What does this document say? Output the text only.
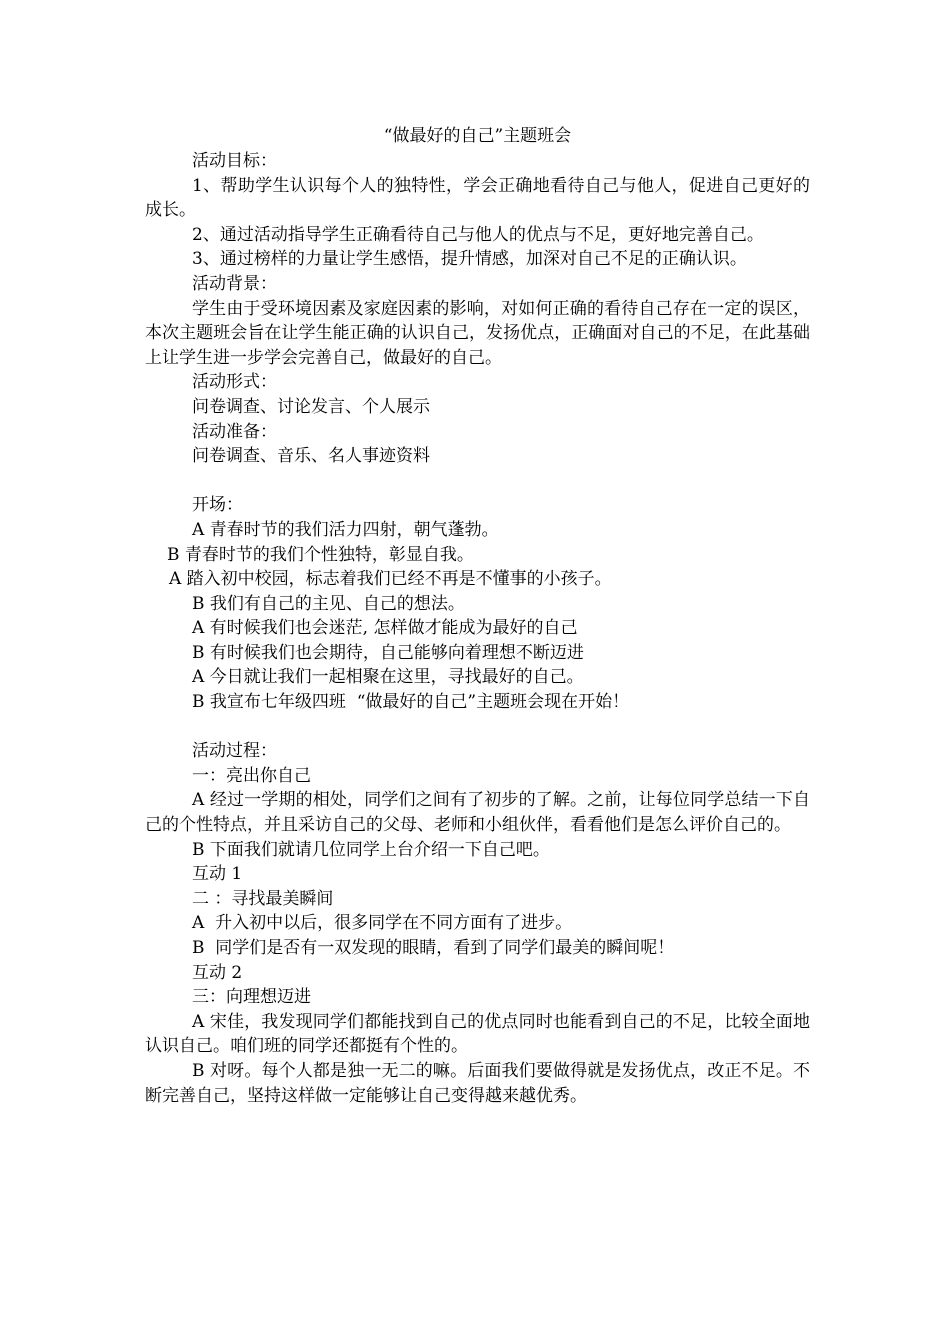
“做最好的自己”主题班会

活动目标：

1、帮助学生认识每个人的独特性，学会正确地看待自己与他人，促进自己更好的成长。

2、通过活动指导学生正确看待自己与他人的优点与不足，更好地完善自己。

3、通过榜样的力量让学生感悟，提升情感，加深对自己不足的正确认识。

活动背景：

学生由于受环境因素及家庭因素的影响，对如何正确的看待自己存在一定的误区，本次主题班会旨在让学生能正确的认识自己，发扬优点，正确面对自己的不足，在此基础上让学生进一步学会完善自己，做最好的自己。

活动形式：

问卷调查、讨论发言、个人展示

活动准备：

问卷调查、音乐、名人事迹资料

开场：

A 青春时节的我们活力四射，朝气蓬勃。

B 青春时节的我们个性独特，彰显自我。

A 踏入初中校园，标志着我们已经不再是不懂事的小孩子。

B 我们有自己的主见、自己的想法。

A 有时候我们也会迷茫, 怎样做才能成为最好的自己

B 有时候我们也会期待，自己能够向着理想不断迈进

A 今日就让我们一起相聚在这里，寻找最好的自己。

B 我宣布七年级四班  “做最好的自己”主题班会现在开始！

活动过程：

一：亮出你自己

A 经过一学期的相处，同学们之间有了初步的了解。之前，让每位同学总结一下自己的个性特点，并且采访自己的父母、老师和小组伙伴，看看他们是怎么评价自己的。

B 下面我们就请几位同学上台介绍一下自己吧。

互动 1

二 ：寻找最美瞬间

A  升入初中以后，很多同学在不同方面有了进步。

B  同学们是否有一双发现的眼睛，看到了同学们最美的瞬间呢！

互动 2

三：向理想迈进

A 宋佳，我发现同学们都能找到自己的优点同时也能看到自己的不足，比较全面地认识自己。咱们班的同学还都挺有个性的。

B 对呀。每个人都是独一无二的嘛。后面我们要做得就是发扬优点，改正不足。不断完善自己，坚持这样做一定能够让自己变得越来越优秀。
